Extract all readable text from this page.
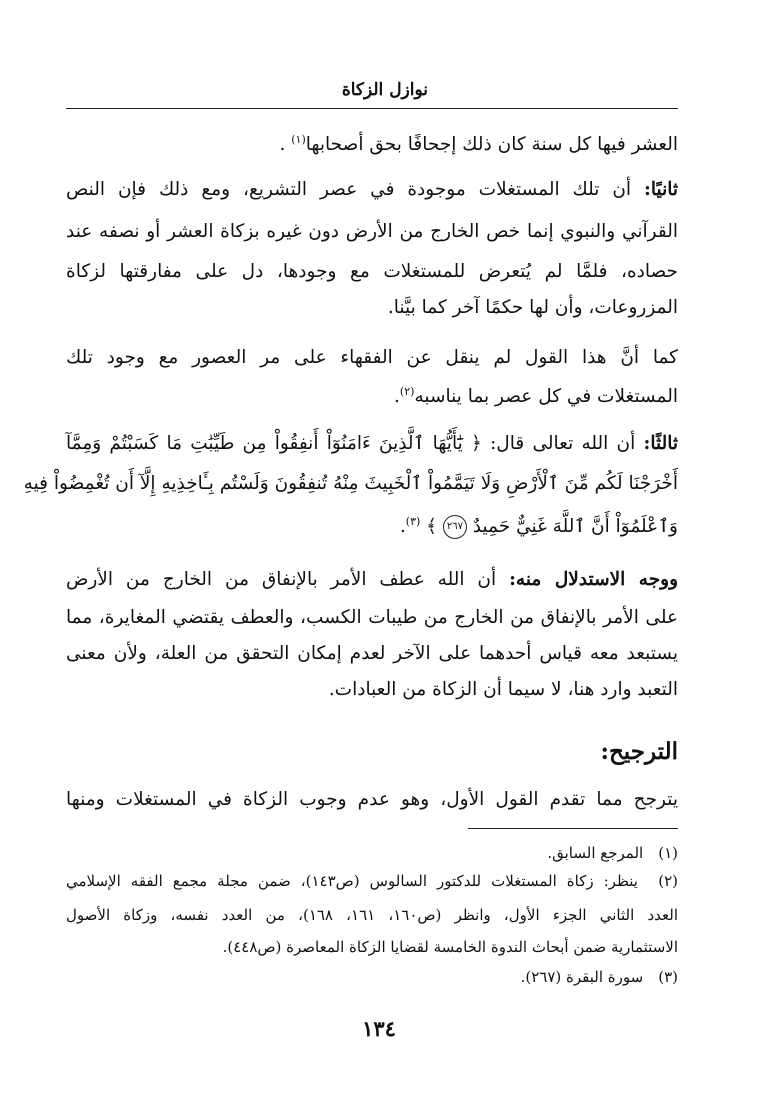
نوازل الزكاة
العشر فيها كل سنة كان ذلك إجحافًا بحق أصحابها$^{(١)}$ .
ثانيًا: أن تلك المستغلات موجودة في عصر التشريع، ومع ذلك فإن النص
القرآني والنبوي إنما خص الخارج من الأرض دون غيره بزكاة العشر أو نصفه عند
حصاده، فلمَّا لم يُتعرض للمستغلات مع وجودها، دل على مفارقتها لزكاة
المزروعات، وأن لها حكمًا آخر كما بيَّنا.
كما أنَّ هذا القول لم ينقل عن الفقهاء على مر العصور مع وجود تلك
المستغلات في كل عصر بما يناسبه$^{(٢)}$.
ثالثًا: أن الله تعالى قال: ﴿ يَٰٓأَيُّهَا ٱلَّذِينَ ءَامَنُوٓاْ أَنفِقُواْ مِن طَيِّبَٰتِ مَا كَسَبْتُمْ وَمِمَّآ
أَخْرَجْنَا لَكُم مِّنَ ٱلْأَرْضِ وَلَا تَيَمَّمُواْ ٱلْخَبِيثَ مِنْهُ تُنفِقُونَ وَلَسْتُم بِـَٔاخِذِيهِ إِلَّآ أَن تُغْمِضُواْ فِيهِ
وَٱعْلَمُوٓاْ أَنَّ ٱللَّهَ غَنِيٌّ حَمِيدٌ ٢٦٧ ﴾ $^{(٣)}$.
ووجه الاستدلال منه: أن الله عطف الأمر بالإنفاق من الخارج من الأرض
على الأمر بالإنفاق من الخارج من طيبات الكسب، والعطف يقتضي المغايرة، مما
يستبعد معه قياس أحدهما على الآخر لعدم إمكان التحقق من العلة، ولأن معنى
التعبد وارد هنا، لا سيما أن الزكاة من العبادات.
الترجيح:
يترجح مما تقدم القول الأول، وهو عدم وجوب الزكاة في المستغلات ومنها
(١) المرجع السابق.
(٢) ينظر: زكاة المستغلات للدكتور السالوس (ص١٤٣)، ضمن مجلة مجمع الفقه الإسلامي
العدد الثاني الجزء الأول، وانظر (ص١٦٠، ١٦١، ١٦٨)، من العدد نفسه، وزكاة الأصول
الاستثمارية ضمن أبحاث الندوة الخامسة لقضايا الزكاة المعاصرة (ص٤٤٨).
(٣) سورة البقرة (٢٦٧).
١٣٤
